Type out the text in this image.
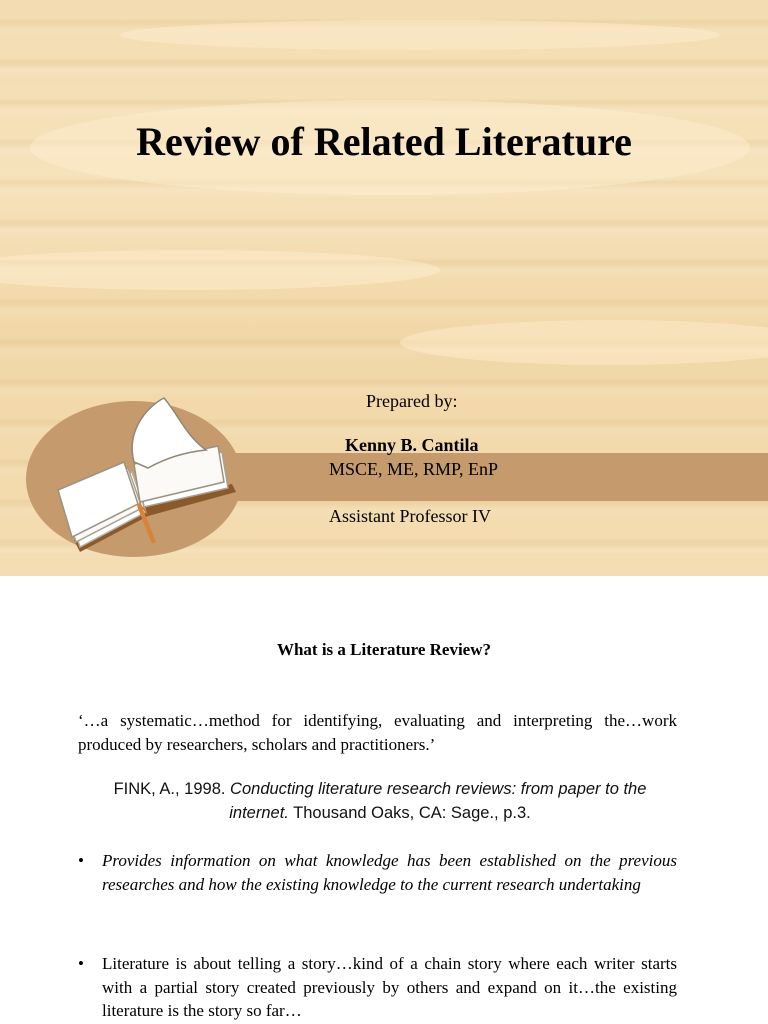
Review of Related Literature
Prepared by:
Kenny B. Cantila
MSCE, ME, RMP, EnP
Assistant Professor IV
What is a Literature Review?
‘…a systematic…method for identifying, evaluating and interpreting the…work produced by researchers, scholars and practitioners.’
FINK, A., 1998. Conducting literature research reviews: from paper to the internet. Thousand Oaks, CA: Sage., p.3.
• Provides information on what knowledge has been established on the previous researches and how the existing knowledge to the current research undertaking
• Literature is about telling a story…kind of a chain story where each writer starts with a partial story created previously by others and expand on it…the existing literature is the story so far…
